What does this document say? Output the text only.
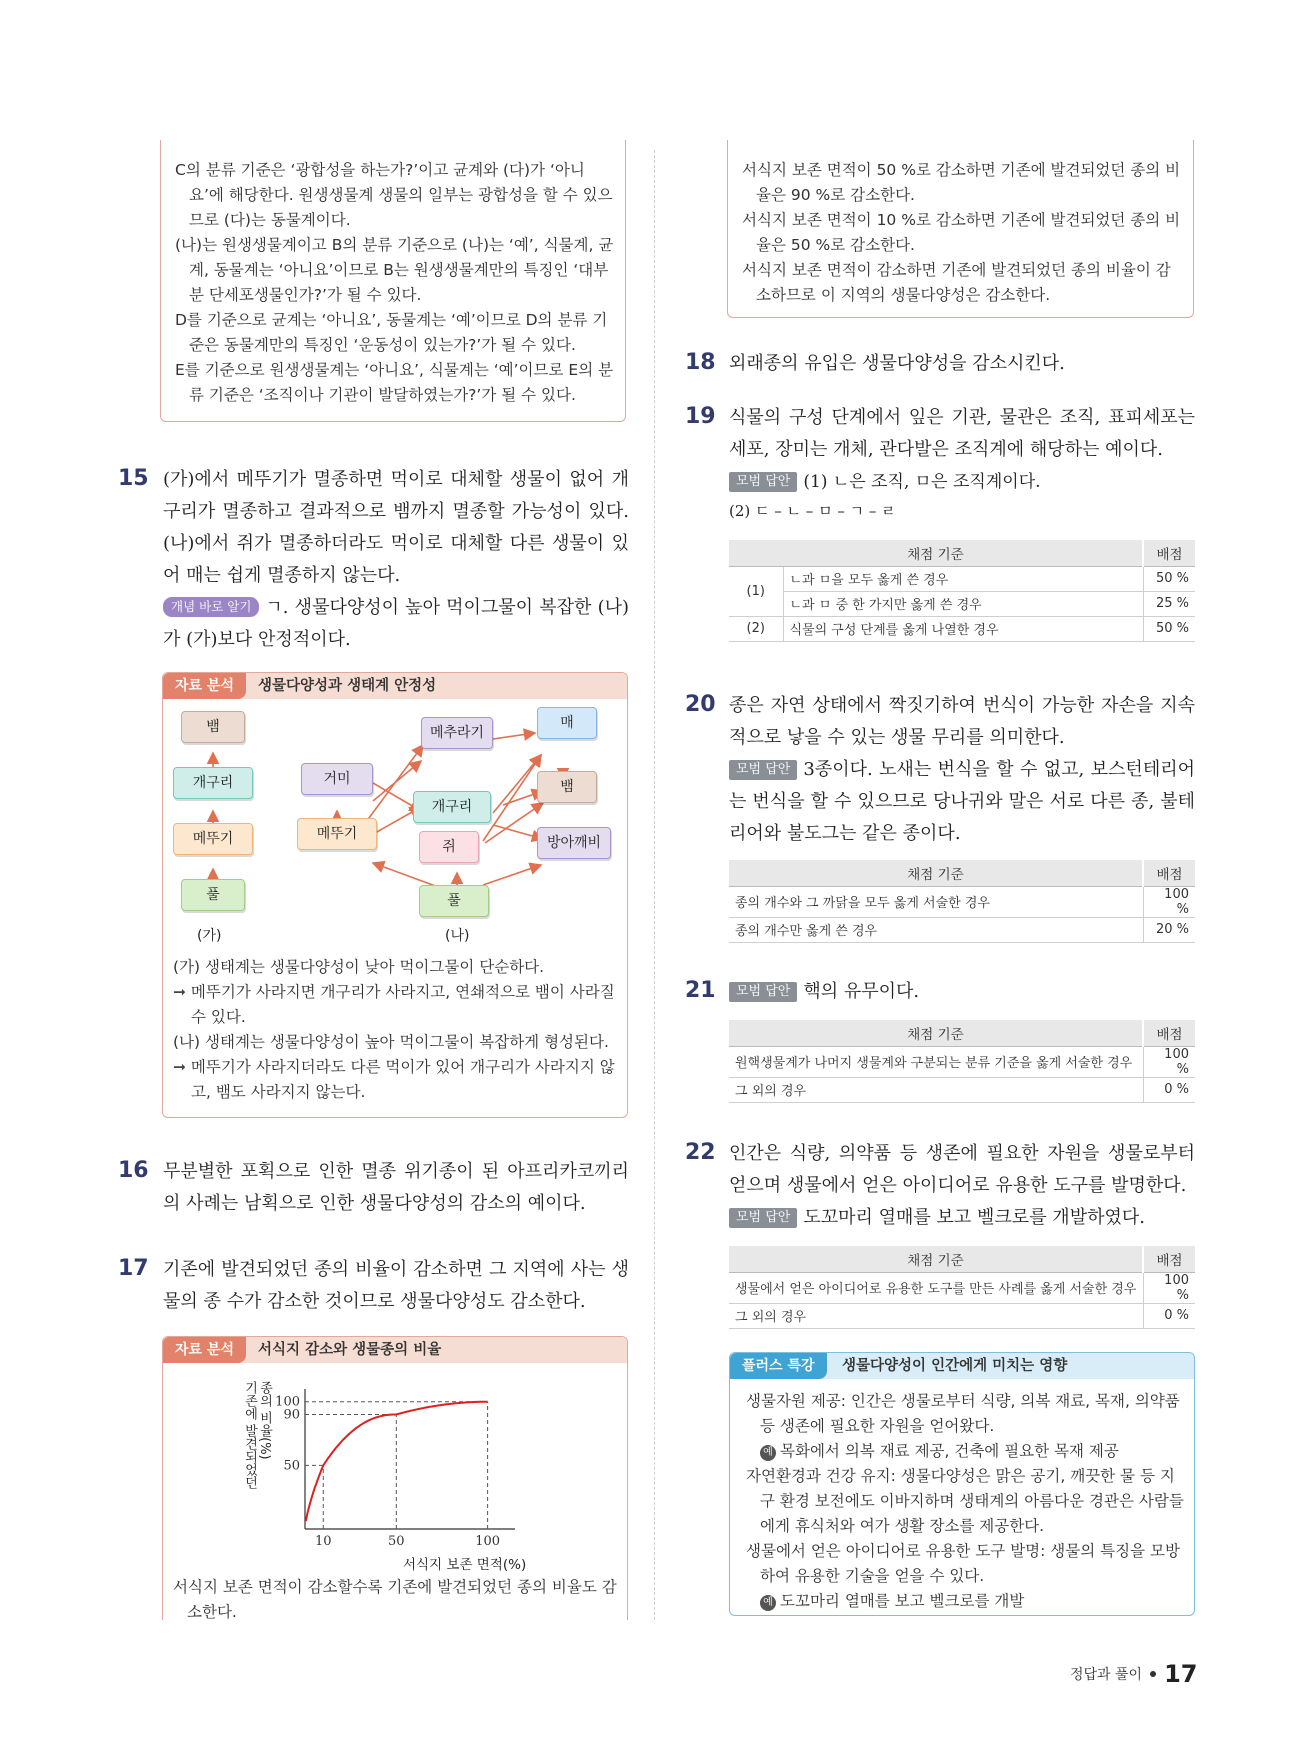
C의 분류 기준은 ‘광합성을 하는가?’이고 균계와 (다)가 ‘아니요’에 해당한다. 원생생물계 생물의 일부는 광합성을 할 수 있으므로 (다)는 동물계이다.

(나)는 원생생물계이고 B의 분류 기준으로 (나)는 ‘예’, 식물계, 균계, 동물계는 ‘아니요’이므로 B는 원생생물계만의 특징인 ‘대부분 단세포생물인가?’가 될 수 있다.

D를 기준으로 균계는 ‘아니요’, 동물계는 ‘예’이므로 D의 분류 기준은 동물계만의 특징인 ‘운동성이 있는가?’가 될 수 있다.

E를 기준으로 원생생물계는 ‘아니요’, 식물계는 ‘예’이므로 E의 분류 기준은 ‘조직이나 기관이 발달하였는가?’가 될 수 있다.

15 (가)에서 메뚜기가 멸종하면 먹이로 대체할 생물이 없어 개구리가 멸종하고 결과적으로 뱀까지 멸종할 가능성이 있다. (나)에서 쥐가 멸종하더라도 먹이로 대체할 다른 생물이 있어 매는 쉽게 멸종하지 않는다.
개념 바로 알기 ㄱ. 생물다양성이 높아 먹이그물이 복잡한 (나)가 (가)보다 안정적이다.
자료 분석	생물다양성과 생태계 안정성
뱀
개구리
메뚜기
풀
(가)
메추라기
매
거미	뱀
개구리
메뚜기
쥐	방아깨비
풀
(나)

(가) 생태계는 생물다양성이 낮아 먹이그물이 단순하다.

➞ 메뚜기가 사라지면 개구리가 사라지고, 연쇄적으로 뱀이 사라질 수 있다.

(나) 생태계는 생물다양성이 높아 먹이그물이 복잡하게 형성된다.

➞ 메뚜기가 사라지더라도 다른 먹이가 있어 개구리가 사라지지 않고, 뱀도 사라지지 않는다.

16 무분별한 포획으로 인한 멸종 위기종이 된 아프리카코끼리의 사례는 남획으로 인한 생물다양성의 감소의 예이다.
17 기존에 발견되었던 종의 비율이 감소하면 그 지역에 사는 생물의 종 수가 감소한 것이므로 생물다양성도 감소한다.
자료 분석	서식지 감소와 생물종의 비율
종의 비율(%)
기존에 발견되었던
10	50	100
50
90
100
서식지 보존 면적(%)

서식지 보존 면적이 감소할수록 기존에 발견되었던 종의 비율도 감소한다.

서식지 보존 면적이 50 %로 감소하면 기존에 발견되었던 종의 비율은 90 %로 감소한다.

서식지 보존 면적이 10 %로 감소하면 기존에 발견되었던 종의 비율은 50 %로 감소한다.

서식지 보존 면적이 감소하면 기존에 발견되었던 종의 비율이 감소하므로 이 지역의 생물다양성은 감소한다.

18 외래종의 유입은 생물다양성을 감소시킨다.
19 식물의 구성 단계에서 잎은 기관, 물관은 조직, 표피세포는 세포, 장미는 개체, 관다발은 조직계에 해당하는 예이다.
모범 답안 (1) ㄴ은 조직, ㅁ은 조직계이다.
(2) ㄷ – ㄴ – ㅁ – ㄱ – ㄹ
채점 기준		배점
(1)	ㄴ과 ㅁ을 모두 옳게 쓴 경우	50 %
	ㄴ과 ㅁ 중 한 가지만 옳게 쓴 경우	25 %
(2)	식물의 구성 단계를 옳게 나열한 경우	50 %
20 종은 자연 상태에서 짝짓기하여 번식이 가능한 자손을 지속적으로 낳을 수 있는 생물 무리를 의미한다.
모범 답안 3종이다. 노새는 번식을 할 수 없고, 보스턴테리어는 번식을 할 수 있으므로 당나귀와 말은 서로 다른 종, 불테리어와 불도그는 같은 종이다.
채점 기준	배점
종의 개수와 그 까닭을 모두 옳게 서술한 경우	100 %
종의 개수만 옳게 쓴 경우	20 %
21	모범 답안 핵의 유무이다.
채점 기준	배점
원핵생물계가 나머지 생물계와 구분되는 분류 기준을 옳게 서술한 경우	100 %
그 외의 경우	0 %
22 인간은 식량, 의약품 등 생존에 필요한 자원을 생물로부터 얻으며 생물에서 얻은 아이디어로 유용한 도구를 발명한다.
모범 답안 도꼬마리 열매를 보고 벨크로를 개발하였다.
채점 기준	배점
생물에서 얻은 아이디어로 유용한 도구를 만든 사례를 옳게 서술한 경우	100 %
그 외의 경우	0 %
플러스 특강	생물다양성이 인간에게 미치는 영향

생물자원 제공: 인간은 생물로부터 식량, 의복 재료, 목재, 의약품 등 생존에 필요한 자원을 얻어왔다.

예 목화에서 의복 재료 제공, 건축에 필요한 목재 제공

자연환경과 건강 유지: 생물다양성은 맑은 공기, 깨끗한 물 등 지구 환경 보전에도 이바지하며 생태계의 아름다운 경관은 사람들에게 휴식처와 여가 생활 장소를 제공한다.

생물에서 얻은 아이디어로 유용한 도구 발명: 생물의 특징을 모방하여 유용한 기술을 얻을 수 있다.

예 도꼬마리 열매를 보고 벨크로를 개발

정답과 풀이 17
